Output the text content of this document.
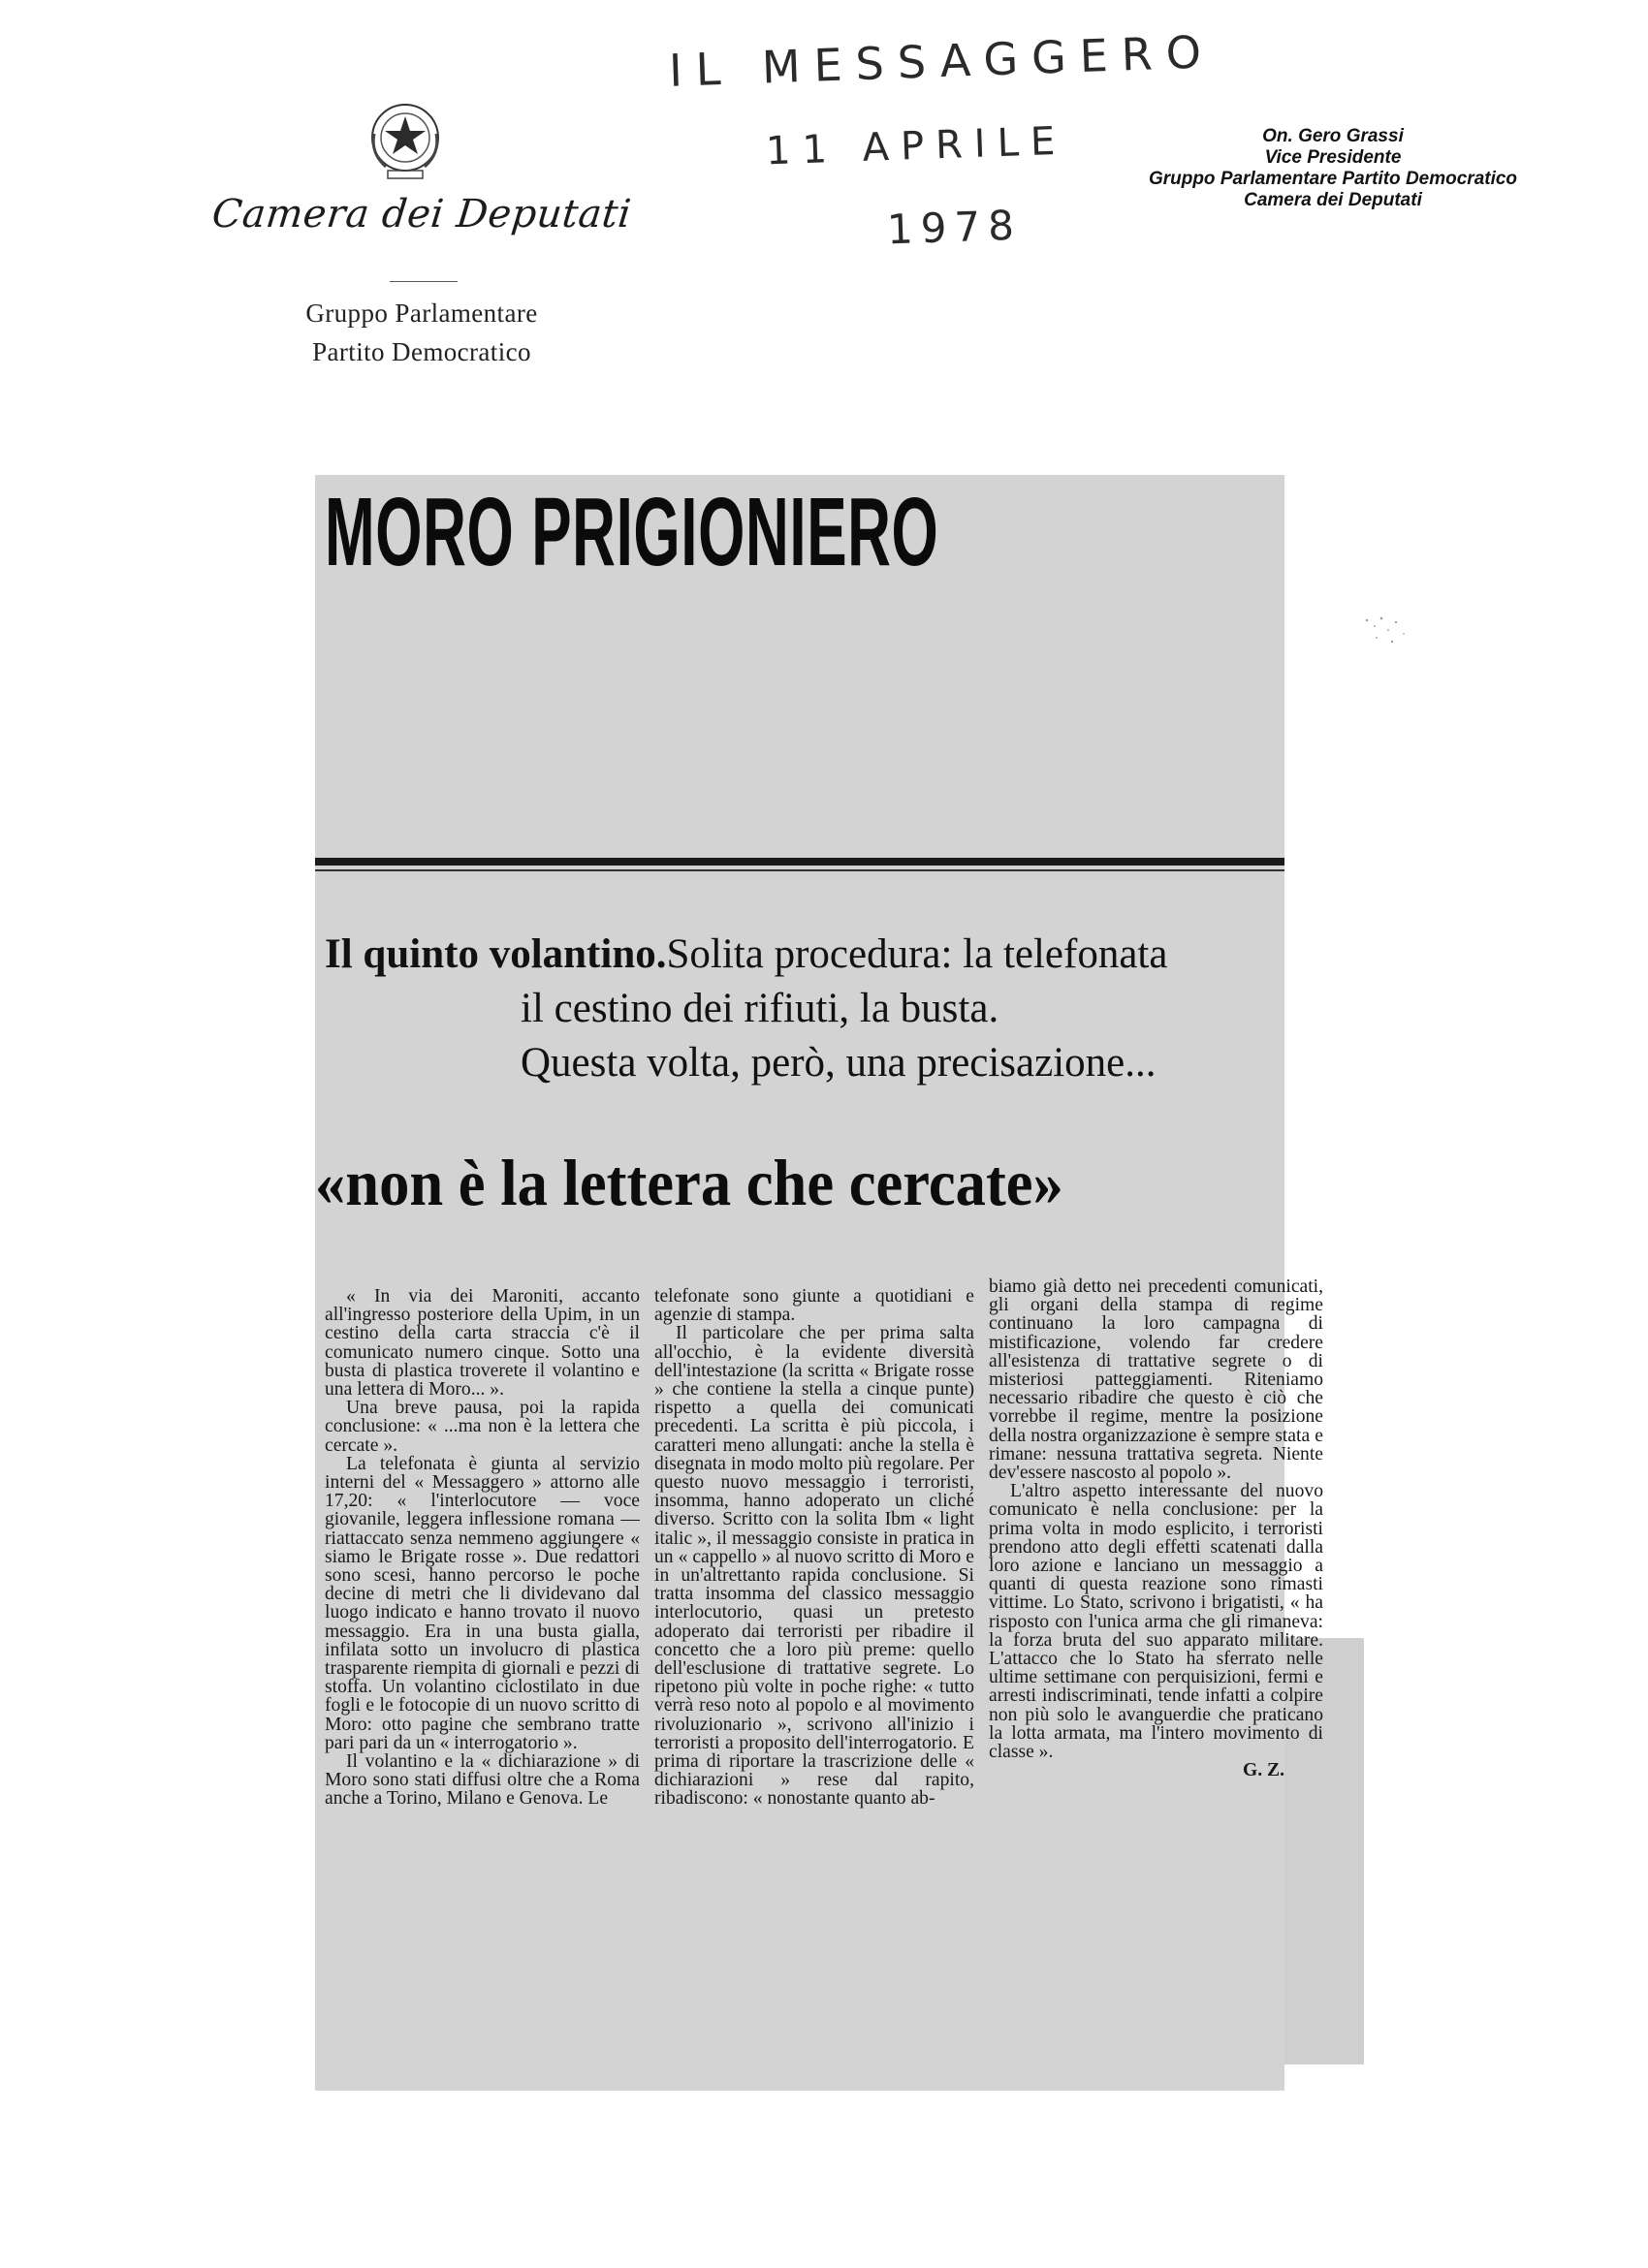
Camera dei Deputati
Gruppo Parlamentare
Partito Democratico
IL MESSAGGERO
11 APRILE
1978
On. Gero Grassi
Vice Presidente
Gruppo Parlamentare Partito Democratico
Camera dei Deputati
MORO PRIGIONIERO
Il quinto volantino.Solita procedura: la telefonata
il cestino dei rifiuti, la busta.
Questa volta, però, una precisazione...
«non è la lettera che cercate»

« In via dei Maroniti, accanto all'ingresso posteriore della Upim, in un cestino della carta straccia c'è il comunicato numero cinque. Sotto una busta di plastica troverete il volantino e una lettera di Moro... ».

Una breve pausa, poi la rapida conclusione: « ...ma non è la lettera che cercate ».

La telefonata è giunta al servizio interni del « Messaggero » attorno alle 17,20: « l'interlocutore — voce giovanile, leggera inflessione romana — riattaccato senza nemmeno aggiungere « siamo le Brigate rosse ». Due redattori sono scesi, hanno percorso le poche decine di metri che li dividevano dal luogo indicato e hanno trovato il nuovo messaggio. Era in una busta gialla, infilata sotto un involucro di plastica trasparente riempita di giornali e pezzi di stoffa. Un volantino ciclostilato in due fogli e le fotocopie di un nuovo scritto di Moro: otto pagine che sembrano tratte pari pari da un « interrogatorio ».

Il volantino e la « dichiarazione » di Moro sono stati diffusi oltre che a Roma anche a Torino, Milano e Genova. Le

telefonate sono giunte a quotidiani e agenzie di stampa.

Il particolare che per prima salta all'occhio, è la evidente diversità dell'intestazione (la scritta « Brigate rosse » che contiene la stella a cinque punte) rispetto a quella dei comunicati precedenti. La scritta è più piccola, i caratteri meno allungati: anche la stella è disegnata in modo molto più regolare. Per questo nuovo messaggio i terroristi, insomma, hanno adoperato un cliché diverso. Scritto con la solita Ibm « light italic », il messaggio consiste in pratica in un « cappello » al nuovo scritto di Moro e in un'altrettanto rapida conclusione. Si tratta insomma del classico messaggio interlocutorio, quasi un pretesto adoperato dai terroristi per ribadire il concetto che a loro più preme: quello dell'esclusione di trattative segrete. Lo ripetono più volte in poche righe: « tutto verrà reso noto al popolo e al movimento rivoluzionario », scrivono all'inizio i terroristi a proposito dell'interrogatorio. E prima di riportare la trascrizione delle « dichiarazioni » rese dal rapito, ribadiscono: « nonostante quanto ab-

biamo già detto nei precedenti comunicati, gli organi della stampa di regime continuano la loro campagna di mistificazione, volendo far credere all'esistenza di trattative segrete o di misteriosi patteggiamenti. Riteniamo necessario ribadire che questo è ciò che vorrebbe il regime, mentre la posizione della nostra organizzazione è sempre stata e rimane: nessuna trattativa segreta. Niente dev'essere nascosto al popolo ».

L'altro aspetto interessante del nuovo comunicato è nella conclusione: per la prima volta in modo esplicito, i terroristi prendono atto degli effetti scatenati dalla loro azione e lanciano un messaggio a quanti di questa reazione sono rimasti vittime. Lo Stato, scrivono i brigatisti, « ha risposto con l'unica arma che gli rimaneva: la forza bruta del suo apparato militare. L'attacco che lo Stato ha sferrato nelle ultime settimane con perquisizioni, fermi e arresti indiscriminati, tende infatti a colpire non più solo le avanguerdie che praticano la lotta armata, ma l'intero movimento di classe ».

G. Z.
